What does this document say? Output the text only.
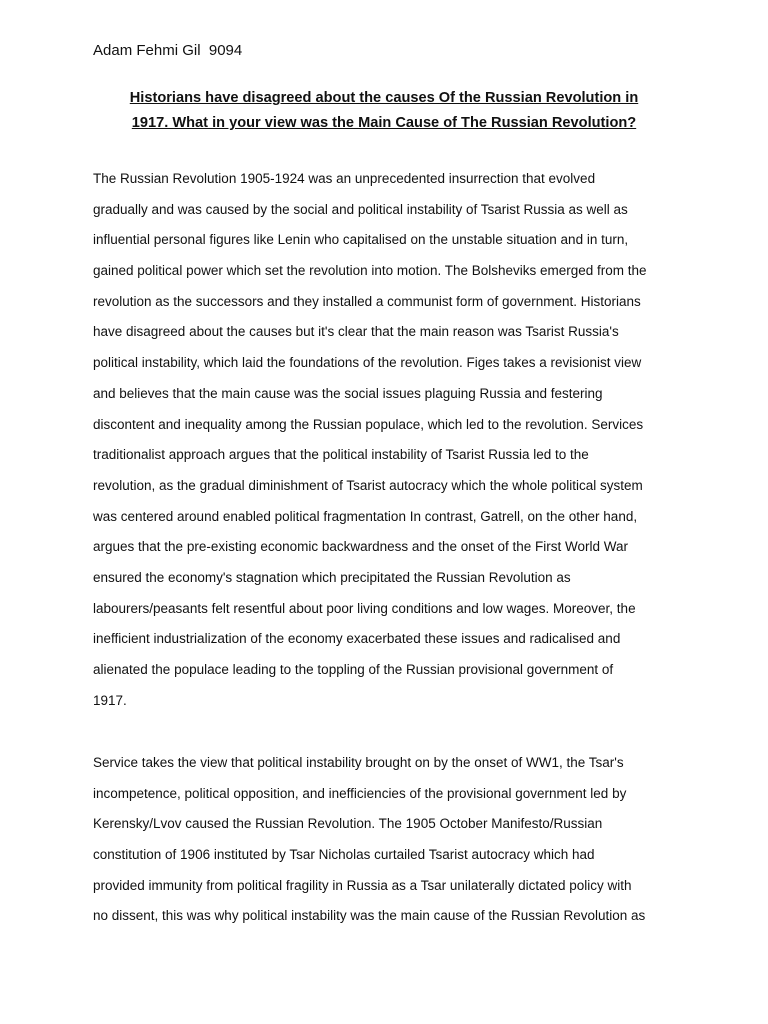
Adam Fehmi Gil  9094
Historians have disagreed about the causes Of the Russian Revolution in
1917. What in your view was the Main Cause of The Russian Revolution?
The Russian Revolution 1905-1924 was an unprecedented insurrection that evolved
gradually and was caused by the social and political instability of Tsarist Russia as well as
influential personal figures like Lenin who capitalised on the unstable situation and in turn,
gained political power which set the revolution into motion. The Bolsheviks emerged from the
revolution as the successors and they installed a communist form of government. Historians
have disagreed about the causes but it's clear that the main reason was Tsarist Russia's
political instability, which laid the foundations of the revolution. Figes takes a revisionist view
and believes that the main cause was the social issues plaguing Russia and festering
discontent and inequality among the Russian populace, which led to the revolution. Services
traditionalist approach argues that the political instability of Tsarist Russia led to the
revolution, as the gradual diminishment of Tsarist autocracy which the whole political system
was centered around enabled political fragmentation In contrast, Gatrell, on the other hand,
argues that the pre-existing economic backwardness and the onset of the First World War
ensured the economy's stagnation which precipitated the Russian Revolution as
labourers/peasants felt resentful about poor living conditions and low wages. Moreover, the
inefficient industrialization of the economy exacerbated these issues and radicalised and
alienated the populace leading to the toppling of the Russian provisional government of
1917.
Service takes the view that political instability brought on by the onset of WW1, the Tsar's
incompetence, political opposition, and inefficiencies of the provisional government led by
Kerensky/Lvov caused the Russian Revolution. The 1905 October Manifesto/Russian
constitution of 1906 instituted by Tsar Nicholas curtailed Tsarist autocracy which had
provided immunity from political fragility in Russia as a Tsar unilaterally dictated policy with
no dissent, this was why political instability was the main cause of the Russian Revolution as
